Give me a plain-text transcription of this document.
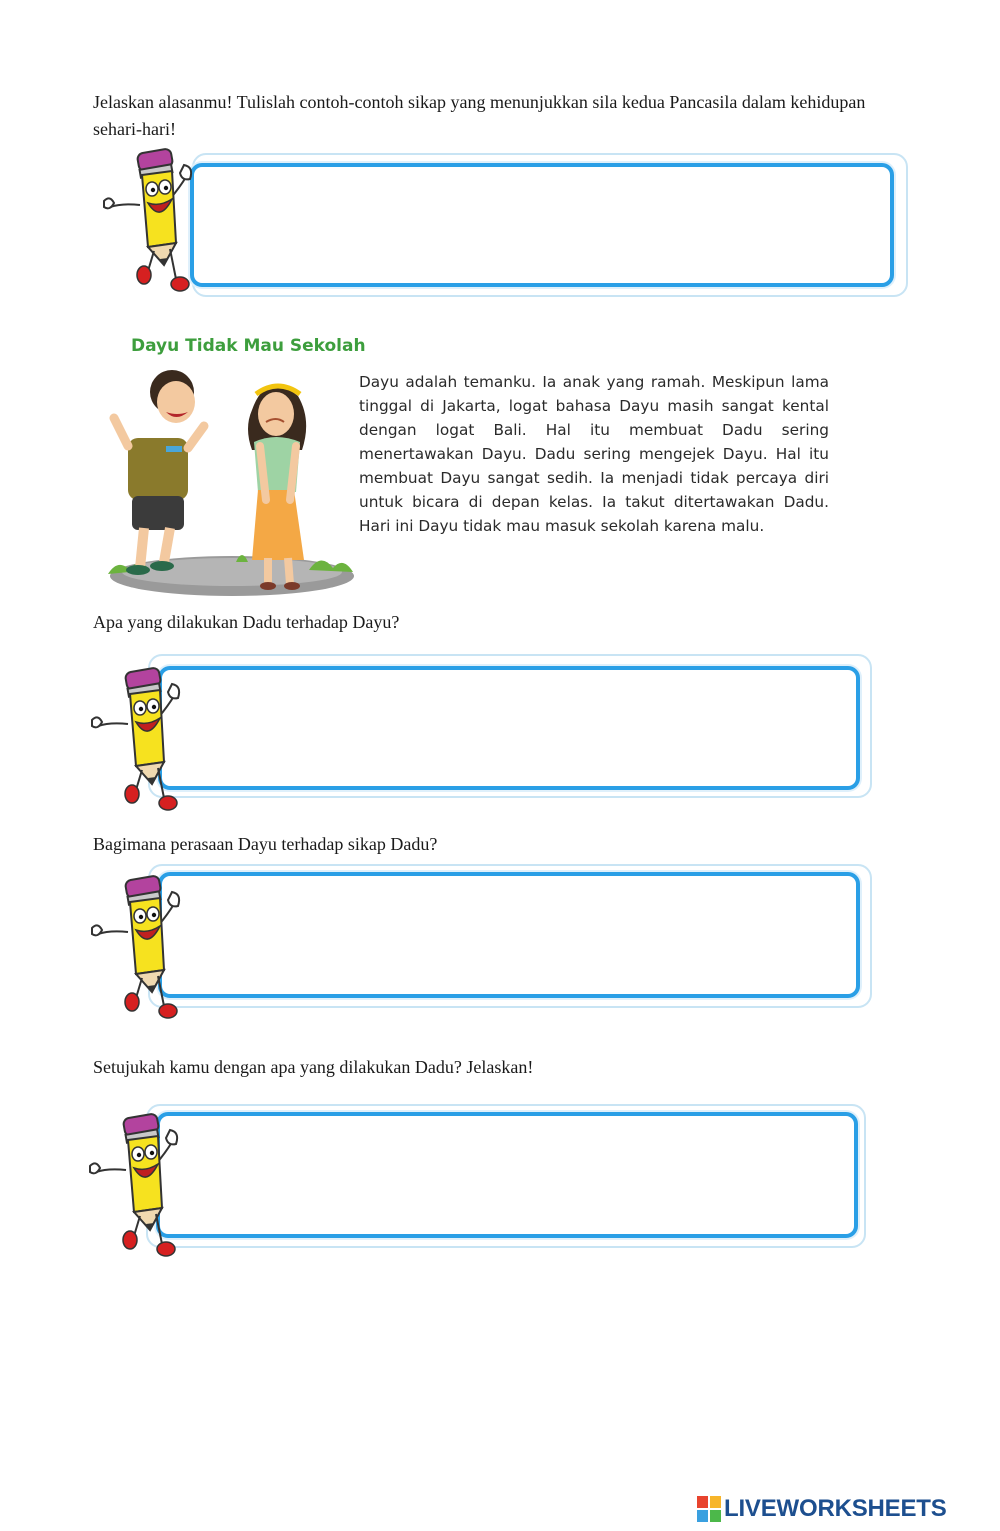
Jelaskan alasanmu! Tulislah contoh-contoh sikap yang menunjukkan sila kedua Pancasila dalam kehidupan sehari-hari!

Dayu Tidak Mau Sekolah

Dayu adalah temanku. Ia anak yang ramah. Meskipun lama tinggal di Jakarta, logat bahasa Dayu masih sangat kental dengan logat Bali. Hal itu membuat Dadu sering menertawakan Dayu. Dadu sering mengejek Dayu. Hal itu membuat Dayu sangat sedih. Ia menjadi tidak percaya diri untuk bicara di depan kelas. Ia takut ditertawakan Dadu. Hari ini Dayu tidak mau masuk sekolah karena malu.

Apa yang dilakukan Dadu terhadap Dayu?

Bagimana perasaan Dayu terhadap sikap Dadu?

Setujukah kamu dengan apa yang dilakukan Dadu? Jelaskan!

LIVEWORKSHEETS
